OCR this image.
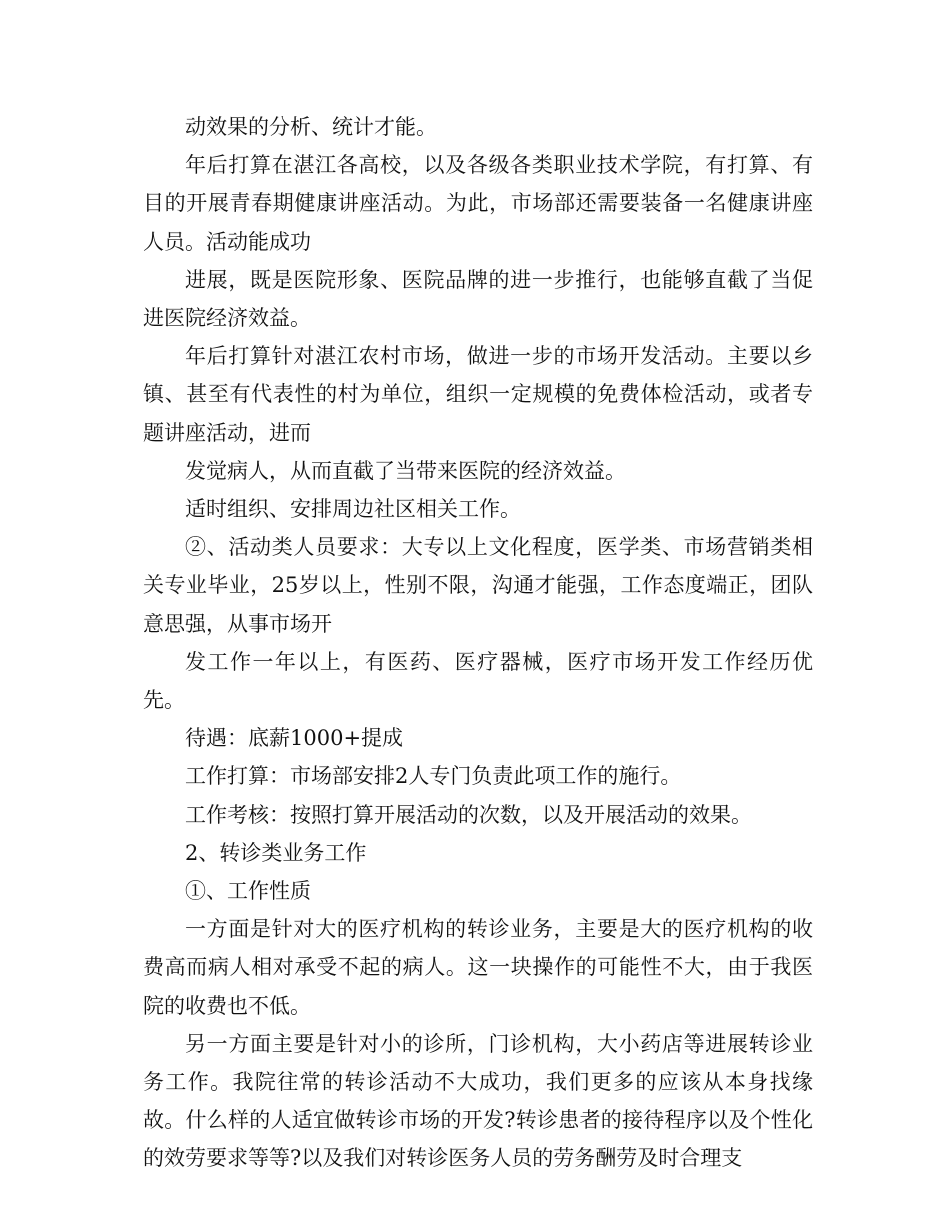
动效果的分析、统计才能。

年后打算在湛江各高校，以及各级各类职业技术学院，有打算、有目的开展青春期健康讲座活动。为此，市场部还需要装备一名健康讲座人员。活动能成功

进展，既是医院形象、医院品牌的进一步推行，也能够直截了当促进医院经济效益。

年后打算针对湛江农村市场，做进一步的市场开发活动。主要以乡镇、甚至有代表性的村为单位，组织一定规模的免费体检活动，或者专题讲座活动，进而

发觉病人，从而直截了当带来医院的经济效益。

适时组织、安排周边社区相关工作。

②、活动类人员要求：大专以上文化程度，医学类、市场营销类相关专业毕业，25岁以上，性别不限，沟通才能强，工作态度端正，团队意思强，从事市场开

发工作一年以上，有医药、医疗器械，医疗市场开发工作经历优先。

待遇：底薪1000+提成

工作打算：市场部安排2人专门负责此项工作的施行。

工作考核：按照打算开展活动的次数，以及开展活动的效果。

2、转诊类业务工作

①、工作性质

一方面是针对大的医疗机构的转诊业务，主要是大的医疗机构的收费高而病人相对承受不起的病人。这一块操作的可能性不大，由于我医院的收费也不低。

另一方面主要是针对小的诊所，门诊机构，大小药店等进展转诊业务工作。我院往常的转诊活动不大成功，我们更多的应该从本身找缘故。什么样的人适宜做转诊市场的开发?转诊患者的接待程序以及个性化的效劳要求等等?以及我们对转诊医务人员的劳务酬劳及时合理支
